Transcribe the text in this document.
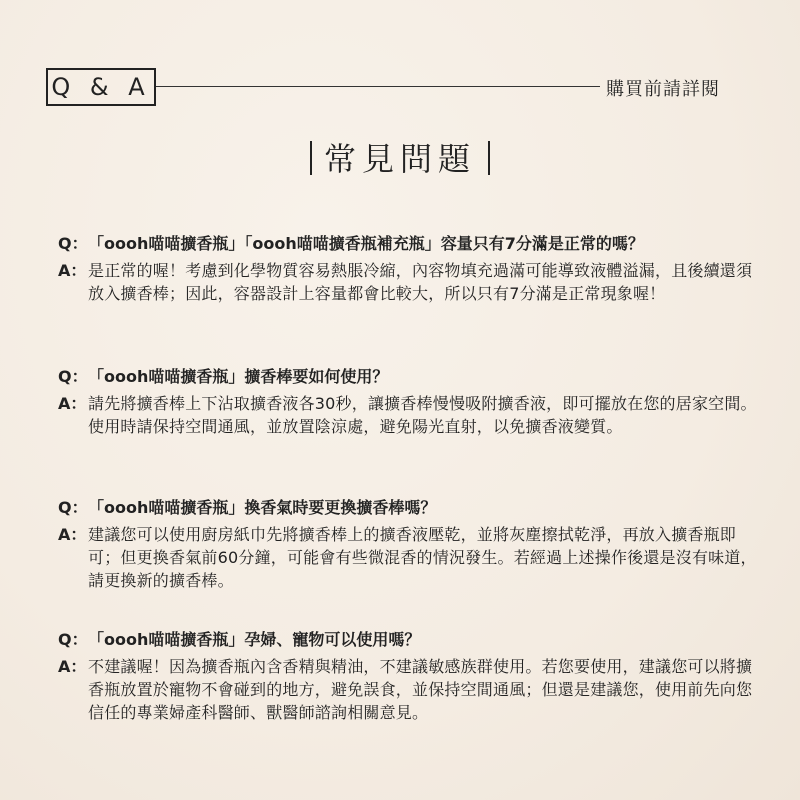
Q & A	購買前請詳閱
常見問題
Q： 「oooh喵喵擴香瓶」「oooh喵喵擴香瓶補充瓶」容量只有7分滿是正常的嗎？
A： 是正常的喔！考慮到化學物質容易熱脹冷縮，內容物填充過滿可能導致液體溢漏，且後續還須放入擴香棒；因此，容器設計上容量都會比較大，所以只有7分滿是正常現象喔！
Q： 「oooh喵喵擴香瓶」擴香棒要如何使用？
A： 請先將擴香棒上下沾取擴香液各30秒，讓擴香棒慢慢吸附擴香液，即可擺放在您的居家空間。使用時請保持空間通風，並放置陰涼處，避免陽光直射，以免擴香液變質。
Q： 「oooh喵喵擴香瓶」換香氣時要更換擴香棒嗎？
A： 建議您可以使用廚房紙巾先將擴香棒上的擴香液壓乾，並將灰塵擦拭乾淨，再放入擴香瓶即可；但更換香氣前60分鐘，可能會有些微混香的情況發生。若經過上述操作後還是沒有味道，請更換新的擴香棒。
Q： 「oooh喵喵擴香瓶」孕婦、寵物可以使用嗎？
A： 不建議喔！因為擴香瓶內含香精與精油，不建議敏感族群使用。若您要使用，建議您可以將擴香瓶放置於寵物不會碰到的地方，避免誤食，並保持空間通風；但還是建議您，使用前先向您信任的專業婦產科醫師、獸醫師諮詢相關意見。
